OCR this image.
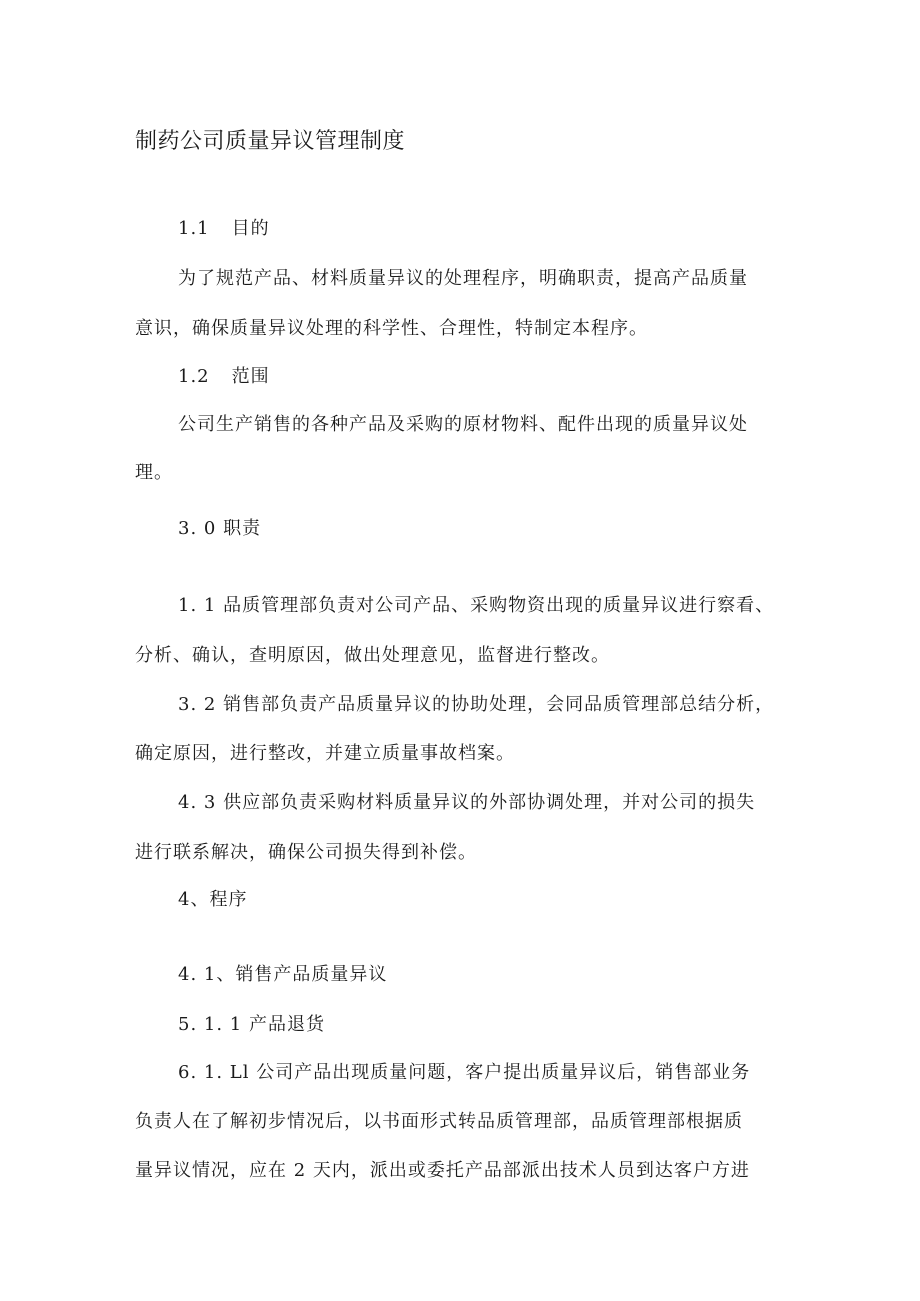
制药公司质量异议管理制度
1.1 目的
为了规范产品、材料质量异议的处理程序，明确职责，提高产品质量
意识，确保质量异议处理的科学性、合理性，特制定本程序。
1.2 范围
公司生产销售的各种产品及采购的原材物料、配件出现的质量异议处
理。
3. 0 职责
1. 1 品质管理部负责对公司产品、采购物资出现的质量异议进行察看、
分析、确认，查明原因，做出处理意见，监督进行整改。
3. 2 销售部负责产品质量异议的协助处理，会同品质管理部总结分析，
确定原因，进行整改，并建立质量事故档案。
4. 3 供应部负责采购材料质量异议的外部协调处理，并对公司的损失
进行联系解决，确保公司损失得到补偿。
4、程序
4. 1、销售产品质量异议
5. 1. 1 产品退货
6. 1. Ll 公司产品出现质量问题，客户提出质量异议后，销售部业务
负责人在了解初步情况后，以书面形式转品质管理部，品质管理部根据质
量异议情况，应在 2 天内，派出或委托产品部派出技术人员到达客户方进
